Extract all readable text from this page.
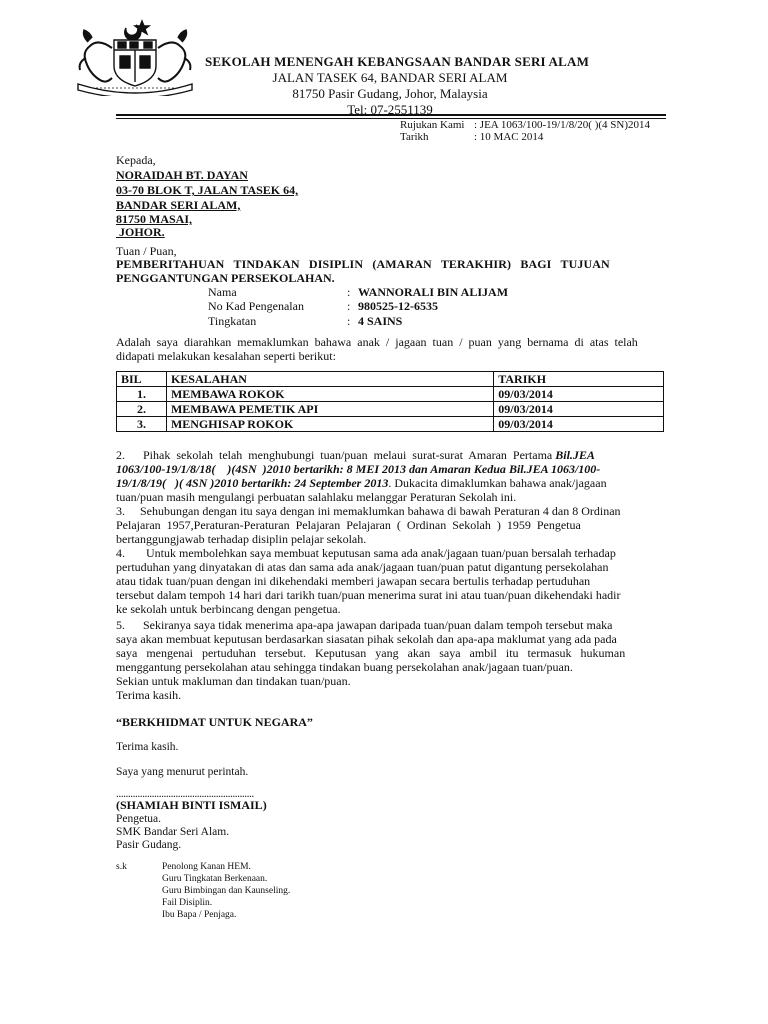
SEKOLAH MENENGAH KEBANGSAAN BANDAR SERI ALAM
JALAN TASEK 64, BANDAR SERI ALAM
81750 Pasir Gudang, Johor, Malaysia
Tel: 07-2551139
Rujukan Kami : JEA 1063/100-19/1/8/20( )(4 SN)2014
Tarikh	: 10 MAC 2014
Kepada,
NORAIDAH BT. DAYAN
03-70 BLOK T, JALAN TASEK 64,
BANDAR SERI ALAM,
81750 MASAI,
JOHOR.
Tuan / Puan,
PEMBERITAHUAN   TINDAKAN   DISIPLIN   (AMARAN   TERAKHIR)   BAGI   TUJUAN
PENGGANTUNGAN PERSEKOLAHAN.
Nama	: WANNORALI BIN ALIJAM
No Kad Pengenalan	: 980525-12-6535
Tingkatan	: 4 SAINS
Adalah  saya  diarahkan  memaklumkan  bahawa  anak  /  jagaan  tuan  /  puan  yang  bernama  di  atas  telah
didapati melakukan kesalahan seperti berikut:
BIL	KESALAHAN	TARIKH
1.	MEMBAWA ROKOK	09/03/2014
2.	MEMBAWA PEMETIK API	09/03/2014
3.	MENGHISAP ROKOK	09/03/2014
2. Pihak  sekolah  telah  menghubungi  tuan/puan  melaui  surat-surat  Amaran  Pertama Bil.JEA
1063/100-19/1/8/18(    )(4SN  )2010 bertarikh: 8 MEI 2013 dan Amaran Kedua Bil.JEA 1063/100-
19/1/8/19(   )( 4SN )2010 bertarikh: 24 September 2013. Dukacita dimaklumkan bahawa anak/jagaan
tuan/puan masih mengulangi perbuatan salahlaku melanggar Peraturan Sekolah ini.
3.     Sehubungan dengan itu saya dengan ini memaklumkan bahawa di bawah Peraturan 4 dan 8 Ordinan
Pelajaran  1957,Peraturan-Peraturan  Pelajaran  Pelajaran  (  Ordinan  Sekolah  )  1959  Pengetua
bertanggungjawab terhadap disiplin pelajar sekolah.
4.       Untuk membolehkan saya membuat keputusan sama ada anak/jagaan tuan/puan bersalah terhadap
pertuduhan yang dinyatakan di atas dan sama ada anak/jagaan tuan/puan patut digantung persekolahan
atau tidak tuan/puan dengan ini dikehendaki memberi jawapan secara bertulis terhadap pertuduhan
tersebut dalam tempoh 14 hari dari tarikh tuan/puan menerima surat ini atau tuan/puan dikehendaki hadir
ke sekolah untuk berbincang dengan pengetua.
5.      Sekiranya saya tidak menerima apa-apa jawapan daripada tuan/puan dalam tempoh tersebut maka
saya akan membuat keputusan berdasarkan siasatan pihak sekolah dan apa-apa maklumat yang ada pada
saya   mengenai   pertuduhan   tersebut.   Keputusan   yang   akan   saya   ambil   itu   termasuk   hukuman
menggantung persekolahan atau sehingga tindakan buang persekolahan anak/jagaan tuan/puan.
Sekian untuk makluman dan tindakan tuan/puan.
Terima kasih.
“BERKHIDMAT UNTUK NEGARA”
Terima kasih.
Saya yang menurut perintah.
..........................................................
(SHAMIAH BINTI ISMAIL)
Pengetua.
SMK Bandar Seri Alam.
Pasir Gudang.
s.k	Penolong Kanan HEM.
Guru Tingkatan Berkenaan.
Guru Bimbingan dan Kaunseling.
Fail Disiplin.
Ibu Bapa / Penjaga.
